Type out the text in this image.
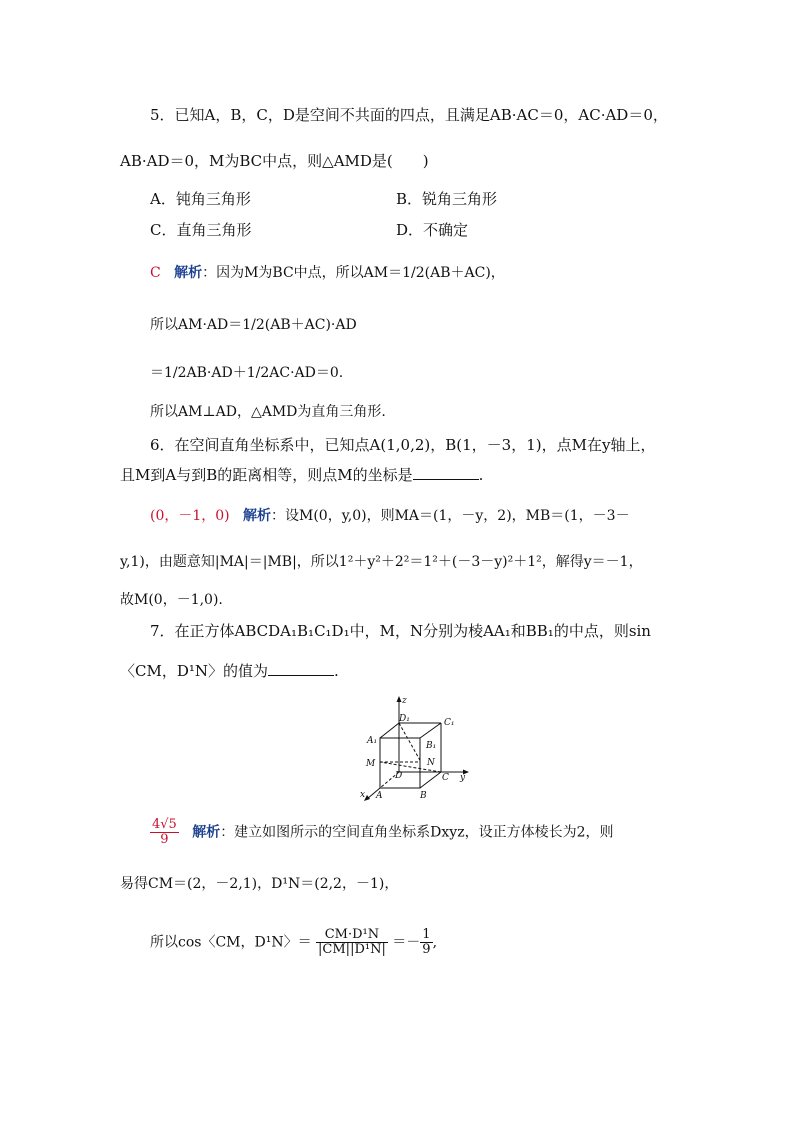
5．已知A，B，C，D是空间不共面的四点，且满足AB·AC＝0，AC·AD＝0，
AB·AD＝0，M为BC中点，则△AMD是(　　)
A．钝角三角形	B．锐角三角形
C．直角三角形	D．不确定
C 解析：因为M为BC中点，所以AM＝1/2(AB＋AC)，
所以AM·AD＝1/2(AB＋AC)·AD
＝1/2AB·AD＋1/2AC·AD＝0.
所以AM⊥AD，△AMD为直角三角形.
6．在空间直角坐标系中，已知点A(1,0,2)，B(1，－3，1)，点M在y轴上，
且M到A与到B的距离相等，则点M的坐标是	.
(0，－1，0) 解析：设M(0，y,0)，则MA＝(1，－y，2)，MB＝(1，－3－
y,1)，由题意知|MA|＝|MB|，所以1²＋y²＋2²＝1²＋(－3－y)²＋1²，解得y＝－1，
故M(0，－1,0).
7．在正方体ABCDA₁B₁C₁D₁中，M，N分别为棱AA₁和BB₁的中点，则sin
〈CM，D¹N〉的值为	.
z
y
x
D₁	C₁
A₁	B₁
M	N
D	C
A	B
$\frac{4√5}{9}$ 解析：建立如图所示的空间直角坐标系Dxyz，设正方体棱长为2，则
易得CM＝(2，－2,1)，D¹N＝(2,2，－1)，
所以cos〈CM，D¹N〉＝ $\frac{\text{CM·D¹N}}{\text{|CM||D¹N|}} =- \frac{1}{9}$ ,
